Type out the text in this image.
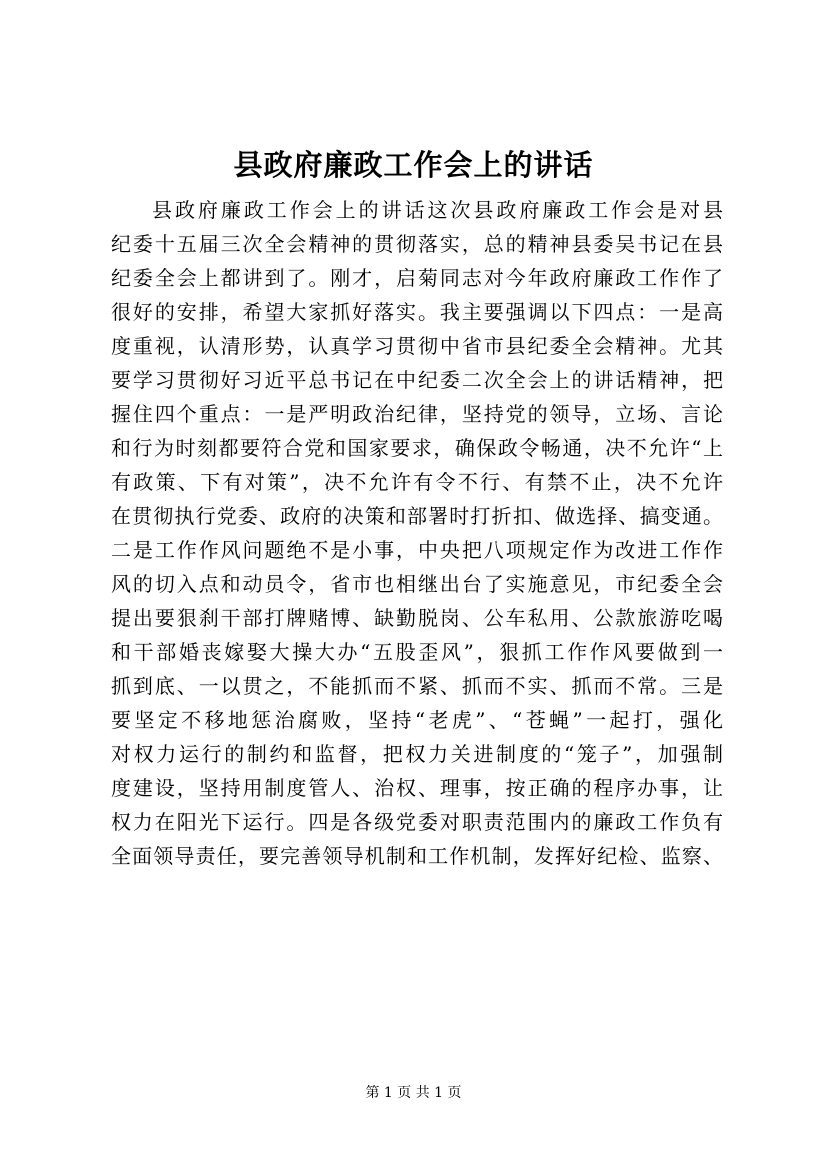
县政府廉政工作会上的讲话
县政府廉政工作会上的讲话这次县政府廉政工作会是对县
纪委十五届三次全会精神的贯彻落实，总的精神县委吴书记在县
纪委全会上都讲到了。刚才，启菊同志对今年政府廉政工作作了
很好的安排，希望大家抓好落实。我主要强调以下四点：一是高
度重视，认清形势，认真学习贯彻中省市县纪委全会精神。尤其
要学习贯彻好习近平总书记在中纪委二次全会上的讲话精神，把
握住四个重点：一是严明政治纪律，坚持党的领导，立场、言论
和行为时刻都要符合党和国家要求，确保政令畅通，决不允许“上
有政策、下有对策”，决不允许有令不行、有禁不止，决不允许
在贯彻执行党委、政府的决策和部署时打折扣、做选择、搞变通。
二是工作作风问题绝不是小事，中央把八项规定作为改进工作作
风的切入点和动员令，省市也相继出台了实施意见，市纪委全会
提出要狠刹干部打牌赌博、缺勤脱岗、公车私用、公款旅游吃喝
和干部婚丧嫁娶大操大办“五股歪风”，狠抓工作作风要做到一
抓到底、一以贯之，不能抓而不紧、抓而不实、抓而不常。三是
要坚定不移地惩治腐败，坚持“老虎”、“苍蝇”一起打，强化
对权力运行的制约和监督，把权力关进制度的“笼子”，加强制
度建设，坚持用制度管人、治权、理事，按正确的程序办事，让
权力在阳光下运行。四是各级党委对职责范围内的廉政工作负有
全面领导责任，要完善领导机制和工作机制，发挥好纪检、监察、
第 1 页 共 1 页
